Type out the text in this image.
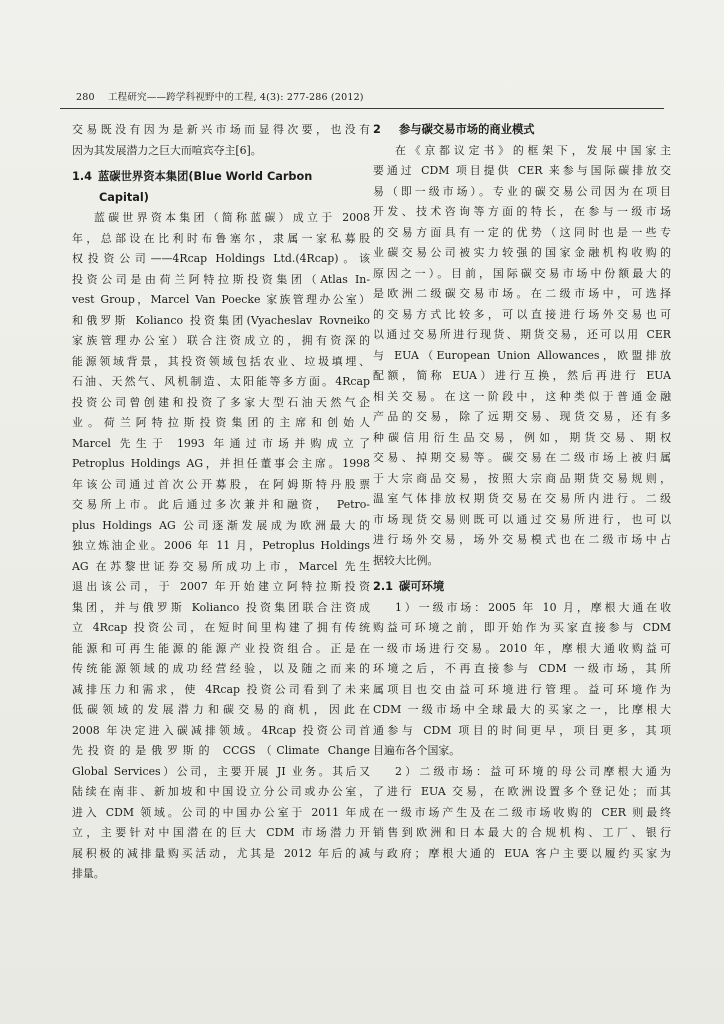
280 工程研究——跨学科视野中的工程, 4(3): 277-286 (2012)
交易既没有因为是新兴市场而显得次要，也没有
因为其发展潜力之巨大而喧宾夺主[6]。
1.4 蓝碳世界资本集团(Blue World Carbon
Capital)
蓝碳世界资本集团（简称蓝碳）成立于 2008
年，总部设在比利时布鲁塞尔，隶属一家私募股
权投资公司——4Rcap Holdings Ltd.(4Rcap)。该
投资公司是由荷兰阿特拉斯投资集团（Atlas In-
vest Group，Marcel Van Poecke 家族管理办公室）
和俄罗斯 Kolianco 投资集团(Vyacheslav Rovneiko
家族管理办公室）联合注资成立的，拥有资深的
能源领域背景，其投资领域包括农业、垃圾填埋、
石油、天然气、风机制造、太阳能等多方面。4Rcap
投资公司曾创建和投资了多家大型石油天然气企
业。荷兰阿特拉斯投资集团的主席和创始人
Marcel 先生于 1993 年通过市场并购成立了
Petroplus Holdings AG，并担任董事会主席。1998
年该公司通过首次公开募股，在阿姆斯特丹股票
交易所上市。此后通过多次兼并和融资， Petro-
plus Holdings AG 公司逐渐发展成为欧洲最大的
独立炼油企业。2006 年 11 月，Petroplus Holdings
AG 在苏黎世证券交易所成功上市，Marcel 先生
退出该公司，于 2007 年开始建立阿特拉斯投资
集团，并与俄罗斯 Kolianco 投资集团联合注资成
立 4Rcap 投资公司，在短时间里构建了拥有传统
能源和可再生能源的能源产业投资组合。正是在
传统能源领域的成功经营经验，以及随之而来的
减排压力和需求，使 4Rcap 投资公司看到了未来
低碳领域的发展潜力和碳交易的商机，因此在
2008 年决定进入碳减排领域。4Rcap 投资公司首
先投资的是俄罗斯的 CCGS（Climate Change
Global Services）公司，主要开展 JI 业务。其后又
陆续在南非、新加坡和中国设立分公司或办公室，
进入 CDM 领域。公司的中国办公室于 2011 年成
立，主要针对中国潜在的巨大 CDM 市场潜力开
展积极的减排量购买活动，尤其是 2012 年后的减
排量。
2 参与碳交易市场的商业模式
在《京都议定书》的框架下，发展中国家主
要通过 CDM 项目提供 CER 来参与国际碳排放交
易（即一级市场）。专业的碳交易公司因为在项目
开发、技术咨询等方面的特长，在参与一级市场
的交易方面具有一定的优势（这同时也是一些专
业碳交易公司被实力较强的国家金融机构收购的
原因之一）。目前，国际碳交易市场中份额最大的
是欧洲二级碳交易市场。在二级市场中，可选择
的交易方式比较多，可以直接进行场外交易也可
以通过交易所进行现货、期货交易，还可以用 CER
与 EUA（European Union Allowances，欧盟排放
配额，简称 EUA）进行互换，然后再进行 EUA
相关交易。在这一阶段中，这种类似于普通金融
产品的交易，除了远期交易、现货交易，还有多
种碳信用衍生品交易，例如，期货交易、期权
交易、掉期交易等。碳交易在二级市场上被归属
于大宗商品交易，按照大宗商品期货交易规则，
温室气体排放权期货交易在交易所内进行。二级
市场现货交易则既可以通过交易所进行，也可以
进行场外交易，场外交易模式也在二级市场中占
据较大比例。
2.1 碳可环境
1）一级市场：2005 年 10 月，摩根大通在收
购益可环境之前，即开始作为买家直接参与 CDM
一级市场进行交易。2010 年，摩根大通收购益可
环境之后，不再直接参与 CDM 一级市场，其所
属项目也交由益可环境进行管理。益可环境作为
CDM 一级市场中全球最大的买家之一，比摩根大
通参与 CDM 项目的时间更早，项目更多，其项
目遍布各个国家。
2）二级市场：益可环境的母公司摩根大通为
了进行 EUA 交易，在欧洲设置多个登记处；而其
在一级市场产生及在二级市场收购的 CER 则最终
销售到欧洲和日本最大的合规机构、工厂、银行
与政府；摩根大通的 EUA 客户主要以履约买家为
